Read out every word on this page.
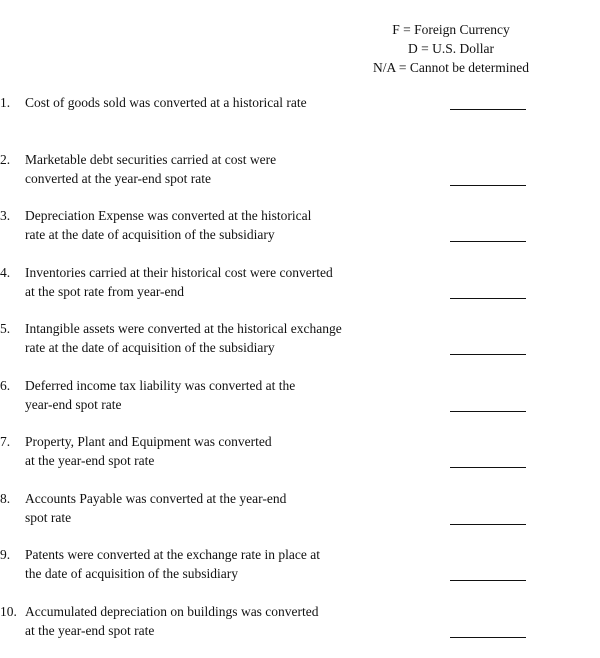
F = Foreign Currency
D = U.S. Dollar
N/A = Cannot be determined
1. Cost of goods sold was converted at a historical rate
2. Marketable debt securities carried at cost were
converted at the year-end spot rate
3. Depreciation Expense was converted at the historical
rate at the date of acquisition of the subsidiary
4. Inventories carried at their historical cost were converted
at the spot rate from year-end
5. Intangible assets were converted at the historical exchange
rate at the date of acquisition of the subsidiary
6. Deferred income tax liability was converted at the
year-end spot rate
7. Property, Plant and Equipment was converted
at the year-end spot rate
8. Accounts Payable was converted at the year-end
spot rate
9. Patents were converted at the exchange rate in place at
the date of acquisition of the subsidiary
10. Accumulated depreciation on buildings was converted
at the year-end spot rate
